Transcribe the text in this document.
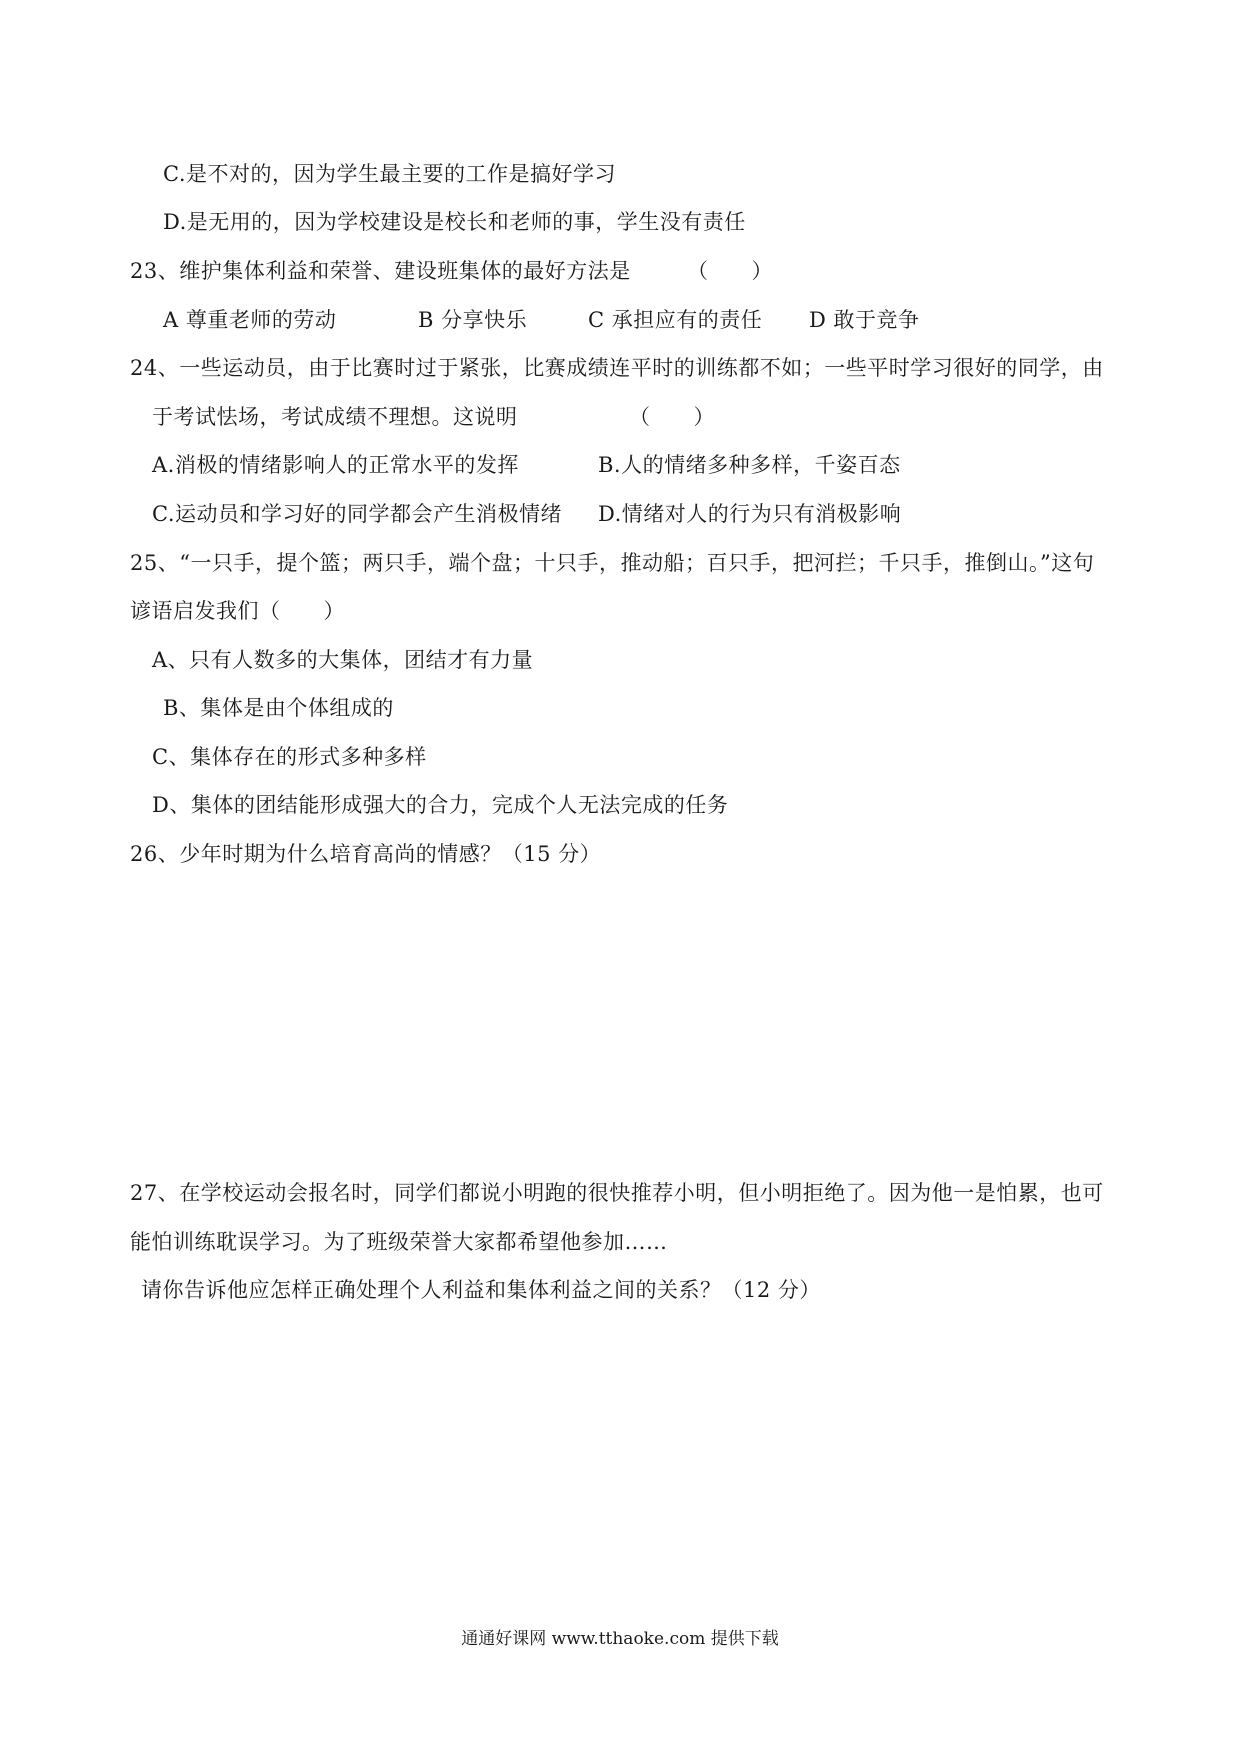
C.是不对的，因为学生最主要的工作是搞好学习
D.是无用的，因为学校建设是校长和老师的事，学生没有责任
23、维护集体利益和荣誉、建设班集体的最好方法是	（　　）
A 尊重老师的劳动	B 分享快乐	C 承担应有的责任 D 敢于竞争
24、一些运动员，由于比赛时过于紧张，比赛成绩连平时的训练都不如；一些平时学习很好的同学，由
于考试怯场，考试成绩不理想。这说明	（　　）
A.消极的情绪影响人的正常水平的发挥	B.人的情绪多种多样，千姿百态
C.运动员和学习好的同学都会产生消极情绪 D.情绪对人的行为只有消极影响
25、“一只手，提个篮；两只手，端个盘；十只手，推动船；百只手，把河拦；千只手，推倒山。”这句
谚语启发我们（　　）
A、只有人数多的大集体，团结才有力量
B、集体是由个体组成的
C、集体存在的形式多种多样
D、集体的团结能形成强大的合力，完成个人无法完成的任务
26、少年时期为什么培育高尚的情感？（15 分）
27、在学校运动会报名时，同学们都说小明跑的很快推荐小明，但小明拒绝了。因为他一是怕累，也可
能怕训练耽误学习。为了班级荣誉大家都希望他参加……
请你告诉他应怎样正确处理个人利益和集体利益之间的关系？（12 分）
通通好课网 www.tthaoke.com 提供下载
